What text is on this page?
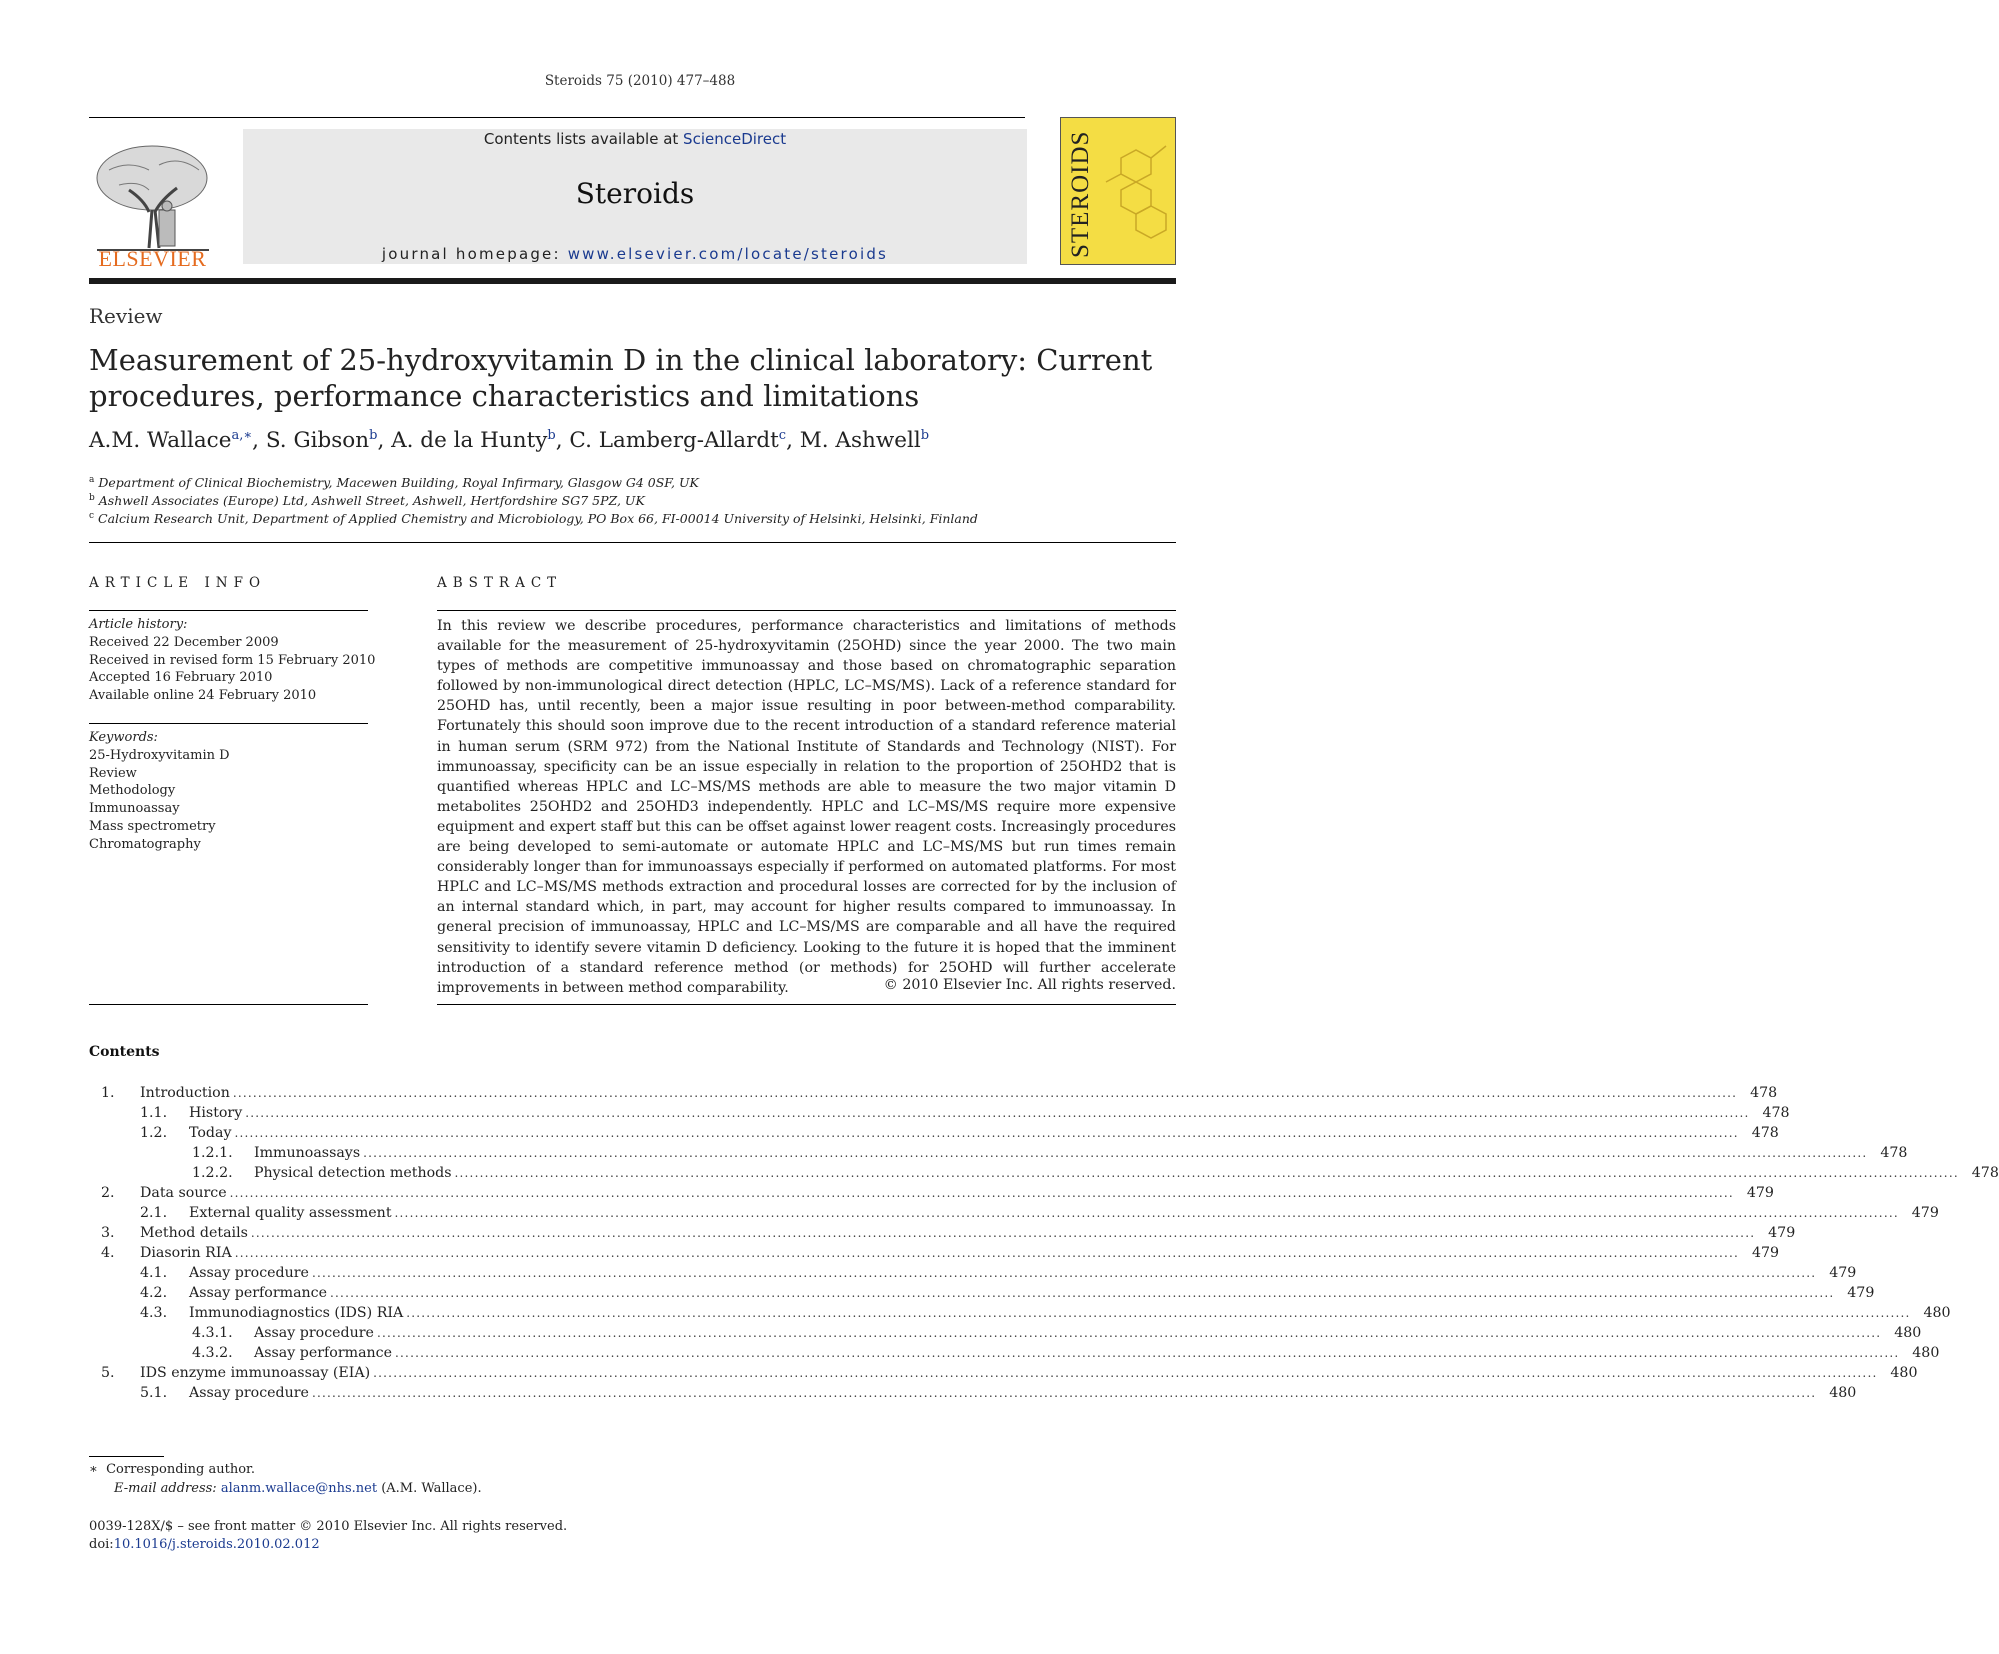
Steroids 75 (2010) 477–488
ELSEVIER
Contents lists available at ScienceDirect
Steroids
journal homepage: www.elsevier.com/locate/steroids	STEROIDS
Review
Measurement of 25-hydroxyvitamin D in the clinical laboratory: Current procedures, performance characteristics and limitations
A.M. Wallace$^{a,∗}$, S. Gibson$^b$, A. de la Hunty$^b$, C. Lamberg-Allardt$^c$, M. Ashwell$^b$
$^a$ Department of Clinical Biochemistry, Macewen Building, Royal Infirmary, Glasgow G4 0SF, UK
$^b$ Ashwell Associates (Europe) Ltd, Ashwell Street, Ashwell, Hertfordshire SG7 5PZ, UK
$^c$ Calcium Research Unit, Department of Applied Chemistry and Microbiology, PO Box 66, FI-00014 University of Helsinki, Helsinki, Finland
ARTICLE INFO	ABSTRACT
Article history:
Received 22 December 2009
Received in revised form 15 February 2010
Accepted 16 February 2010
Available online 24 February 2010
Keywords:
25-Hydroxyvitamin D
Review
Methodology
Immunoassay
Mass spectrometry
Chromatography
In this review we describe procedures, performance characteristics and limitations of methods available for the measurement of 25-hydroxyvitamin (25OHD) since the year 2000. The two main types of methods are competitive immunoassay and those based on chromatographic separation followed by non-immunological direct detection (HPLC, LC–MS/MS). Lack of a reference standard for 25OHD has, until recently, been a major issue resulting in poor between-method comparability. Fortunately this should soon improve due to the recent introduction of a standard reference material in human serum (SRM 972) from the National Institute of Standards and Technology (NIST). For immunoassay, specificity can be an issue especially in relation to the proportion of 25OHD2 that is quantified whereas HPLC and LC–MS/MS methods are able to measure the two major vitamin D metabolites 25OHD2 and 25OHD3 independently. HPLC and LC–MS/MS require more expensive equipment and expert staff but this can be offset against lower reagent costs. Increasingly procedures are being developed to semi-automate or automate HPLC and LC–MS/MS but run times remain considerably longer than for immunoassays especially if performed on automated platforms. For most HPLC and LC–MS/MS methods extraction and procedural losses are corrected for by the inclusion of an internal standard which, in part, may account for higher results compared to immunoassay. In general precision of immunoassay, HPLC and LC–MS/MS are comparable and all have the required sensitivity to identify severe vitamin D deficiency. Looking to the future it is hoped that the imminent introduction of a standard reference method (or methods) for 25OHD will further accelerate improvements in between method comparability.	© 2010 Elsevier Inc. All rights reserved.
Contents
1.	Introduction ............................................................................................................................................................................................................................................................................................................ 478
1.1.	History ............................................................................................................................................................................................................................................................................................................ 478
1.2.	Today ............................................................................................................................................................................................................................................................................................................ 478
1.2.1.	Immunoassays ............................................................................................................................................................................................................................................................................................................ 478
1.2.2.	Physical detection methods ............................................................................................................................................................................................................................................................................................................ 478
2.	Data source ............................................................................................................................................................................................................................................................................................................ 479
2.1.	External quality assessment ............................................................................................................................................................................................................................................................................................................ 479
3.	Method details ............................................................................................................................................................................................................................................................................................................ 479
4.	Diasorin RIA ............................................................................................................................................................................................................................................................................................................ 479
4.1.	Assay procedure ............................................................................................................................................................................................................................................................................................................ 479
4.2.	Assay performance ............................................................................................................................................................................................................................................................................................................ 479
4.3.	Immunodiagnostics (IDS) RIA ............................................................................................................................................................................................................................................................................................................ 480
4.3.1.	Assay procedure ............................................................................................................................................................................................................................................................................................................ 480
4.3.2.	Assay performance ............................................................................................................................................................................................................................................................................................................ 480
5.	IDS enzyme immunoassay (EIA) ............................................................................................................................................................................................................................................................................................................ 480
5.1.	Assay procedure ............................................................................................................................................................................................................................................................................................................ 480
∗ Corresponding author.
E-mail address: alanm.wallace@nhs.net (A.M. Wallace).
0039-128X/$ – see front matter © 2010 Elsevier Inc. All rights reserved.
doi:10.1016/j.steroids.2010.02.012
